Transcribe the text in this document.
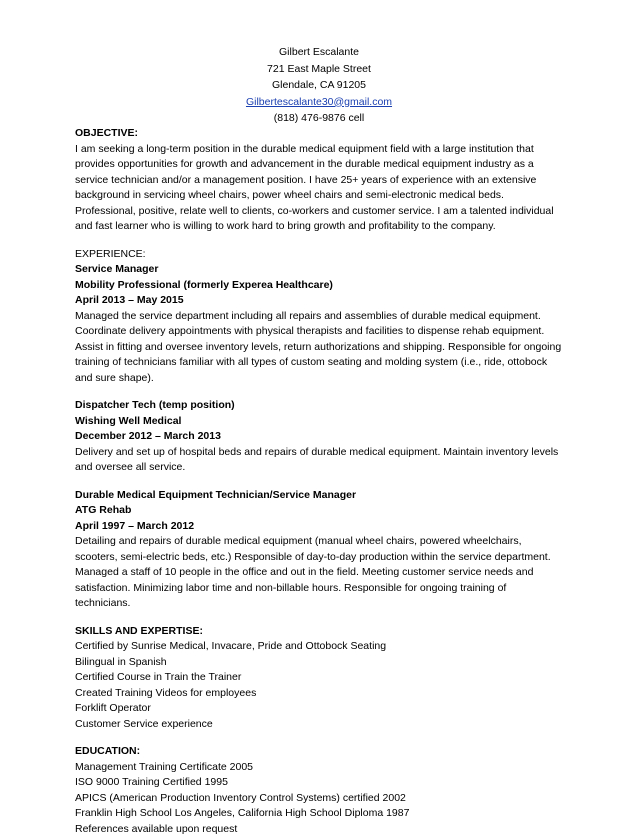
Gilbert Escalante
721 East Maple Street
Glendale, CA 91205
Gilbertescalante30@gmail.com
(818) 476-9876 cell

OBJECTIVE:

I am seeking a long-term position in the durable medical equipment field with a large institution that

provides opportunities for growth and advancement in the durable medical equipment industry as a

service technician and/or a management position. I have 25+ years of experience with an extensive

background in servicing wheel chairs, power wheel chairs and semi-electronic medical beds.

Professional, positive, relate well to clients, co-workers and customer service. I am a talented individual

and fast learner who is willing to work hard to bring growth and profitability to the company.

EXPERIENCE:

Service Manager

Mobility Professional (formerly Experea Healthcare)

April 2013 – May 2015

Managed the service department including all repairs and assemblies of durable medical equipment.

Coordinate delivery appointments with physical therapists and facilities to dispense rehab equipment.

Assist in fitting and oversee inventory levels, return authorizations and shipping. Responsible for ongoing

training of technicians familiar with all types of custom seating and molding system (i.e., ride, ottobock

and sure shape).

Dispatcher Tech (temp position)

Wishing Well Medical

December 2012 – March 2013

Delivery and set up of hospital beds and repairs of durable medical equipment. Maintain inventory levels

and oversee all service.

Durable Medical Equipment Technician/Service Manager

ATG Rehab

April 1997 – March 2012

Detailing and repairs of durable medical equipment (manual wheel chairs, powered wheelchairs,

scooters, semi-electric beds, etc.) Responsible of day-to-day production within the service department.

Managed a staff of 10 people in the office and out in the field. Meeting customer service needs and

satisfaction. Minimizing labor time and non-billable hours. Responsible for ongoing training of

technicians.

SKILLS AND EXPERTISE:

Certified by Sunrise Medical, Invacare, Pride and Ottobock Seating

Bilingual in Spanish

Certified Course in Train the Trainer

Created Training Videos for employees

Forklift Operator

Customer Service experience

EDUCATION:

Management Training Certificate 2005

ISO 9000 Training Certified 1995

APICS (American Production Inventory Control Systems) certified 2002

Franklin High School Los Angeles, California High School Diploma 1987

References available upon request
